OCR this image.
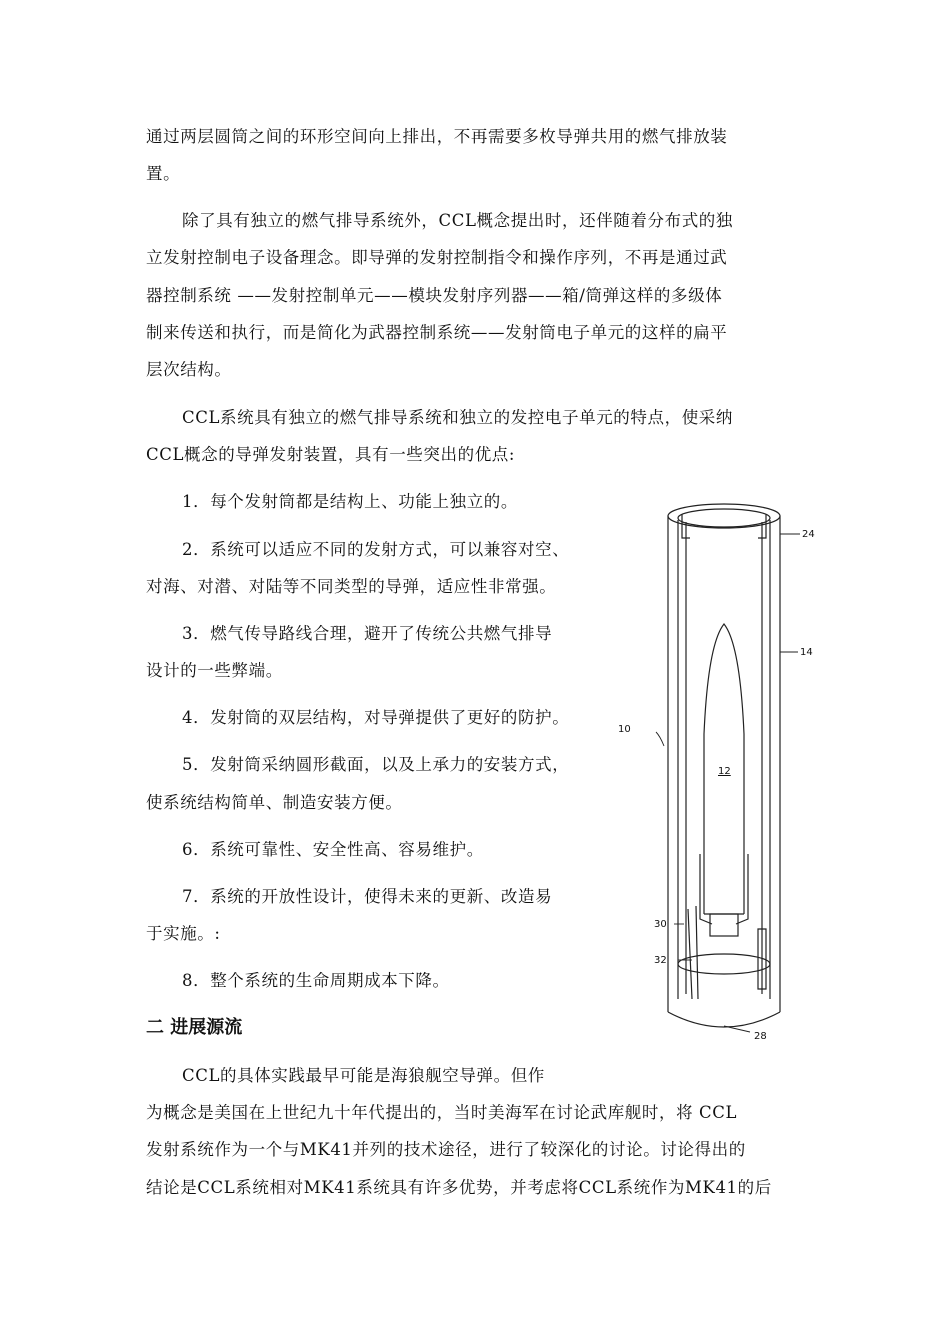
通过两层圆筒之间的环形空间向上排出，不再需要多枚导弹共用的燃气排放装
置。
除了具有独立的燃气排导系统外，CCL概念提出时，还伴随着分布式的独
立发射控制电子设备理念。即导弹的发射控制指令和操作序列，不再是通过武
器控制系统 ——发射控制单元——模块发射序列器——箱/筒弹这样的多级体
制来传送和执行，而是简化为武器控制系统——发射筒电子单元的这样的扁平
层次结构。
CCL系统具有独立的燃气排导系统和独立的发控电子单元的特点，使采纳
CCL概念的导弹发射装置，具有一些突出的优点:
1．每个发射筒都是结构上、功能上独立的。
2．系统可以适应不同的发射方式，可以兼容对空、
对海、对潜、对陆等不同类型的导弹，适应性非常强。
3．燃气传导路线合理，避开了传统公共燃气排导
设计的一些弊端。
4．发射筒的双层结构，对导弹提供了更好的防护。
5．发射筒采纳圆形截面，以及上承力的安装方式，
使系统结构简单、制造安装方便。
6．系统可靠性、安全性高、容易维护。
7．系统的开放性设计，使得未来的更新、改造易
于实施。:
8．整个系统的生命周期成本下降。
二 进展源流
CCL的具体实践最早可能是海狼舰空导弹。但作
为概念是美国在上世纪九十年代提出的，当时美海军在讨论武库舰时，将 CCL
发射系统作为一个与MK41并列的技术途径，进行了较深化的讨论。讨论得出的
结论是CCL系统相对MK41系统具有许多优势，并考虑将CCL系统作为MK41的后
24
14
10
12
30
32
28
